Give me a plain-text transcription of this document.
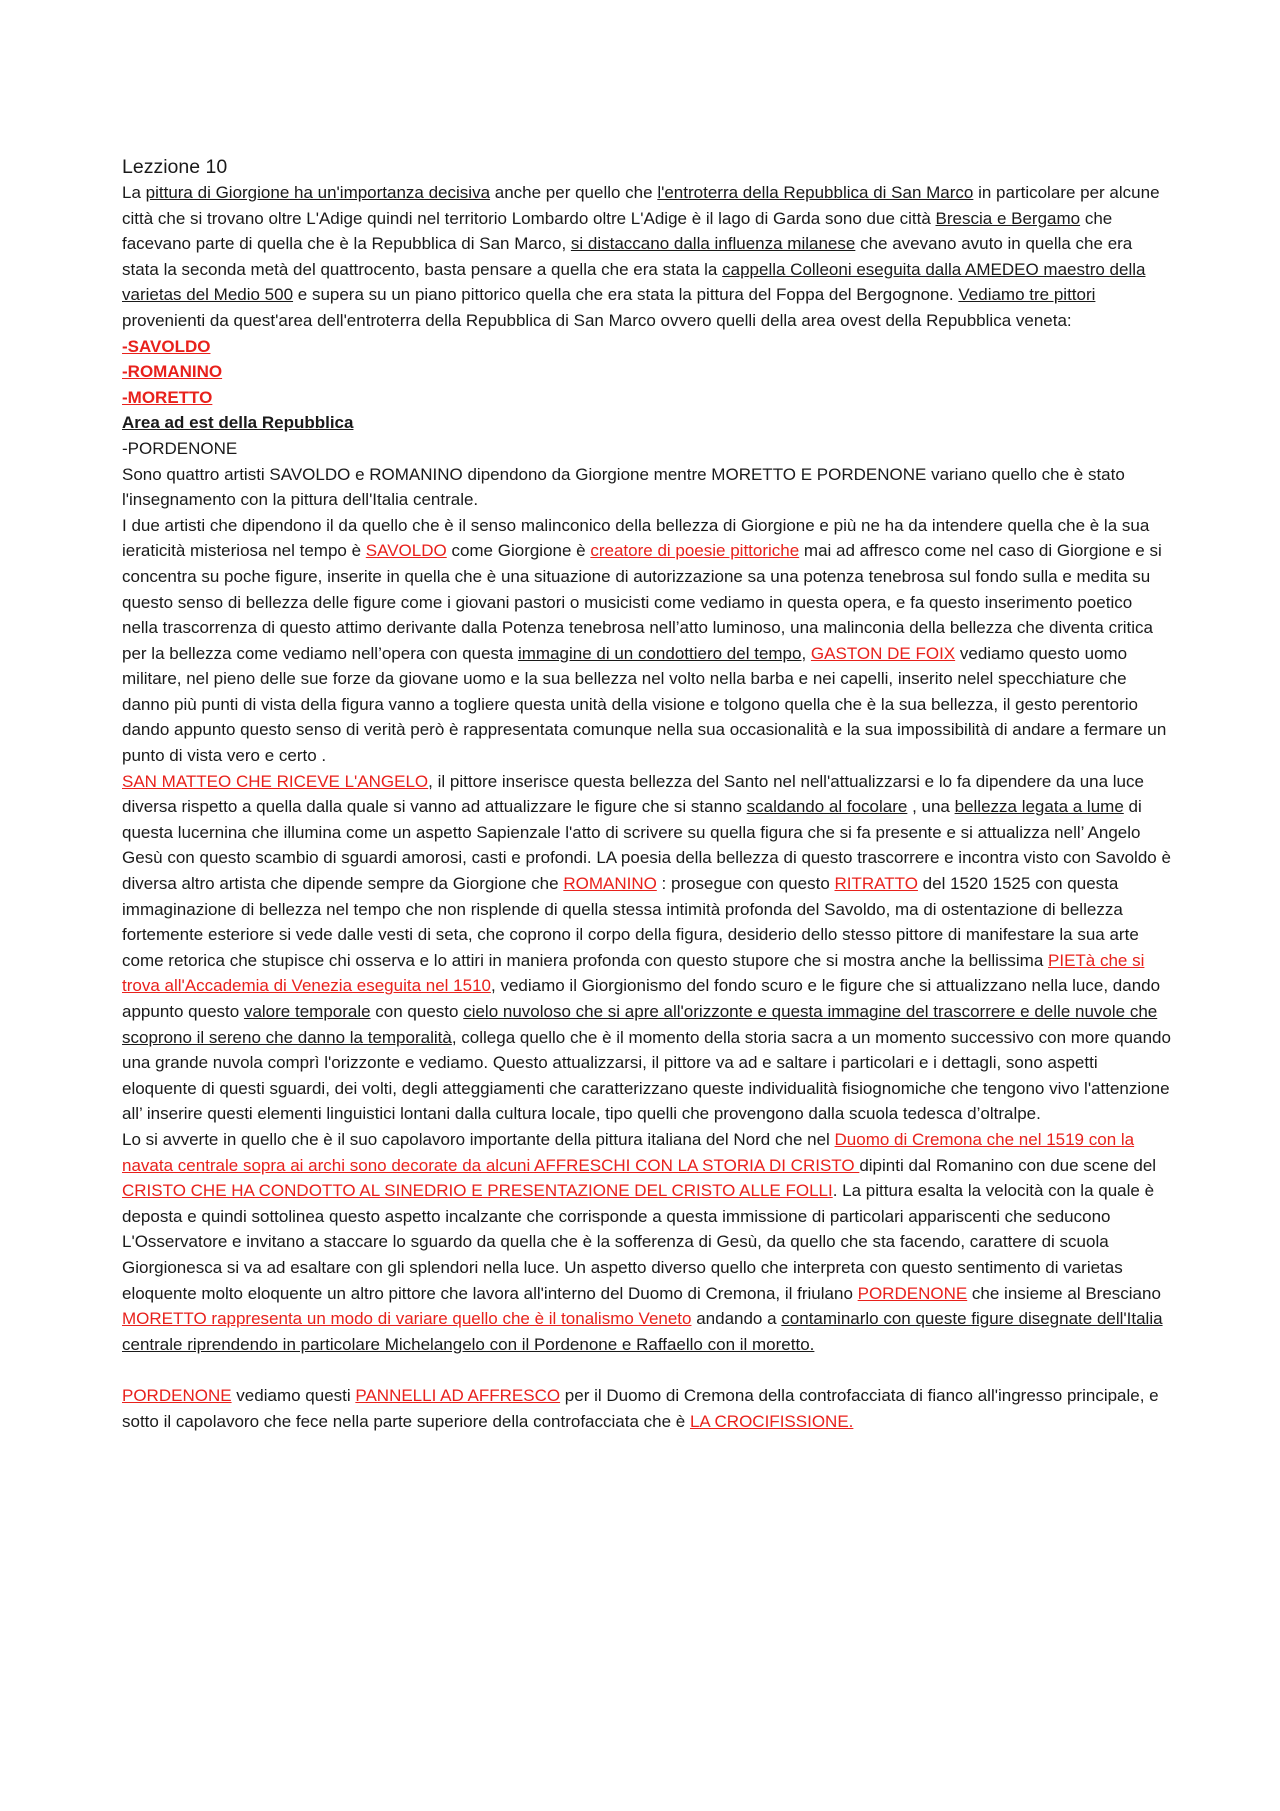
Lezzione 10

La pittura di Giorgione ha un'importanza decisiva anche per quello che l'entroterra della Repubblica di San Marco in particolare per alcune città che si trovano oltre L'Adige quindi nel territorio Lombardo oltre L'Adige è il lago di Garda sono due città Brescia e Bergamo che facevano parte di quella che è la Repubblica di San Marco, si distaccano dalla influenza milanese che avevano avuto in quella che era stata la seconda metà del quattrocento, basta pensare a quella che era stata la cappella Colleoni eseguita dalla AMEDEO maestro della varietas del Medio 500 e supera su un piano pittorico quella che era stata la pittura del Foppa del Bergognone. Vediamo tre pittori provenienti da quest'area dell'entroterra della Repubblica di San Marco ovvero quelli della area ovest della Repubblica veneta:

-SAVOLDO

-ROMANINO

-MORETTO

Area ad est della Repubblica

-PORDENONE

Sono quattro artisti SAVOLDO e ROMANINO dipendono da Giorgione mentre MORETTO E PORDENONE variano quello che è stato l'insegnamento con la pittura dell'Italia centrale.

I due artisti che dipendono il da quello che è il senso malinconico della bellezza di Giorgione e più ne ha da intendere quella che è la sua ieraticità misteriosa nel tempo è SAVOLDO come Giorgione è creatore di poesie pittoriche mai ad affresco come nel caso di Giorgione e si concentra su poche figure, inserite in quella che è una situazione di autorizzazione sa una potenza tenebrosa sul fondo sulla e medita su questo senso di bellezza delle figure come i giovani pastori o musicisti come vediamo in questa opera, e fa questo inserimento poetico nella trascorrenza di questo attimo derivante dalla Potenza tenebrosa nell’atto luminoso, una malinconia della bellezza che diventa critica per la bellezza come vediamo nell’opera con questa immagine di un condottiero del tempo, GASTON DE FOIX vediamo questo uomo militare, nel pieno delle sue forze da giovane uomo e la sua bellezza nel volto nella barba e nei capelli, inserito nelel specchiature che danno più punti di vista della figura vanno a togliere questa unità della visione e tolgono quella che è la sua bellezza, il gesto perentorio dando appunto questo senso di verità però è rappresentata comunque nella sua occasionalità e la sua impossibilità di andare a fermare un punto di vista vero e certo .

SAN MATTEO CHE RICEVE L'ANGELO, il pittore inserisce questa bellezza del Santo nel nell'attualizzarsi e lo fa dipendere da una luce diversa rispetto a quella dalla quale si vanno ad attualizzare le figure che si stanno scaldando al focolare , una bellezza legata a lume di questa lucernina che illumina come un aspetto Sapienzale l'atto di scrivere su quella figura che si fa presente e si attualizza nell’ Angelo Gesù con questo scambio di sguardi amorosi, casti e profondi. LA poesia della bellezza di questo trascorrere e incontra visto con Savoldo è diversa altro artista che dipende sempre da Giorgione che ROMANINO : prosegue con questo RITRATTO del 1520 1525 con questa immaginazione di bellezza nel tempo che non risplende di quella stessa intimità profonda del Savoldo, ma di ostentazione di bellezza fortemente esteriore si vede dalle vesti di seta, che coprono il corpo della figura, desiderio dello stesso pittore di manifestare la sua arte come retorica che stupisce chi osserva e lo attiri in maniera profonda con questo stupore che si mostra anche la bellissima PIETà che si trova all'Accademia di Venezia eseguita nel 1510, vediamo il Giorgionismo del fondo scuro e le figure che si attualizzano nella luce, dando appunto questo valore temporale con questo cielo nuvoloso che si apre all'orizzonte e questa immagine del trascorrere e delle nuvole che scoprono il sereno che danno la temporalità, collega quello che è il momento della storia sacra a un momento successivo con more quando una grande nuvola comprì l'orizzonte e vediamo. Questo attualizzarsi, il pittore va ad e saltare i particolari e i dettagli, sono aspetti eloquente di questi sguardi, dei volti, degli atteggiamenti che caratterizzano queste individualità fisiognomiche che tengono vivo l'attenzione all’ inserire questi elementi linguistici lontani dalla cultura locale, tipo quelli che provengono dalla scuola tedesca d’oltralpe.

Lo si avverte in quello che è il suo capolavoro importante della pittura italiana del Nord che nel Duomo di Cremona che nel 1519 con la navata centrale sopra ai archi sono decorate da alcuni AFFRESCHI CON LA STORIA DI CRISTO dipinti dal Romanino con due scene del CRISTO CHE HA CONDOTTO AL SINEDRIO E PRESENTAZIONE DEL CRISTO ALLE FOLLI. La pittura esalta la velocità con la quale è deposta e quindi sottolinea questo aspetto incalzante che corrisponde a questa immissione di particolari appariscenti che seducono L'Osservatore e invitano a staccare lo sguardo da quella che è la sofferenza di Gesù, da quello che sta facendo, carattere di scuola Giorgionesca si va ad esaltare con gli splendori nella luce. Un aspetto diverso quello che interpreta con questo sentimento di varietas eloquente molto eloquente un altro pittore che lavora all'interno del Duomo di Cremona, il friulano PORDENONE che insieme al Bresciano MORETTO rappresenta un modo di variare quello che è il tonalismo Veneto andando a contaminarlo con queste figure disegnate dell'Italia centrale riprendendo in particolare Michelangelo con il Pordenone e Raffaello con il moretto.

PORDENONE vediamo questi PANNELLI AD AFFRESCO per il Duomo di Cremona della controfacciata di fianco all'ingresso principale, e sotto il capolavoro che fece nella parte superiore della controfacciata che è LA CROCIFISSIONE.
